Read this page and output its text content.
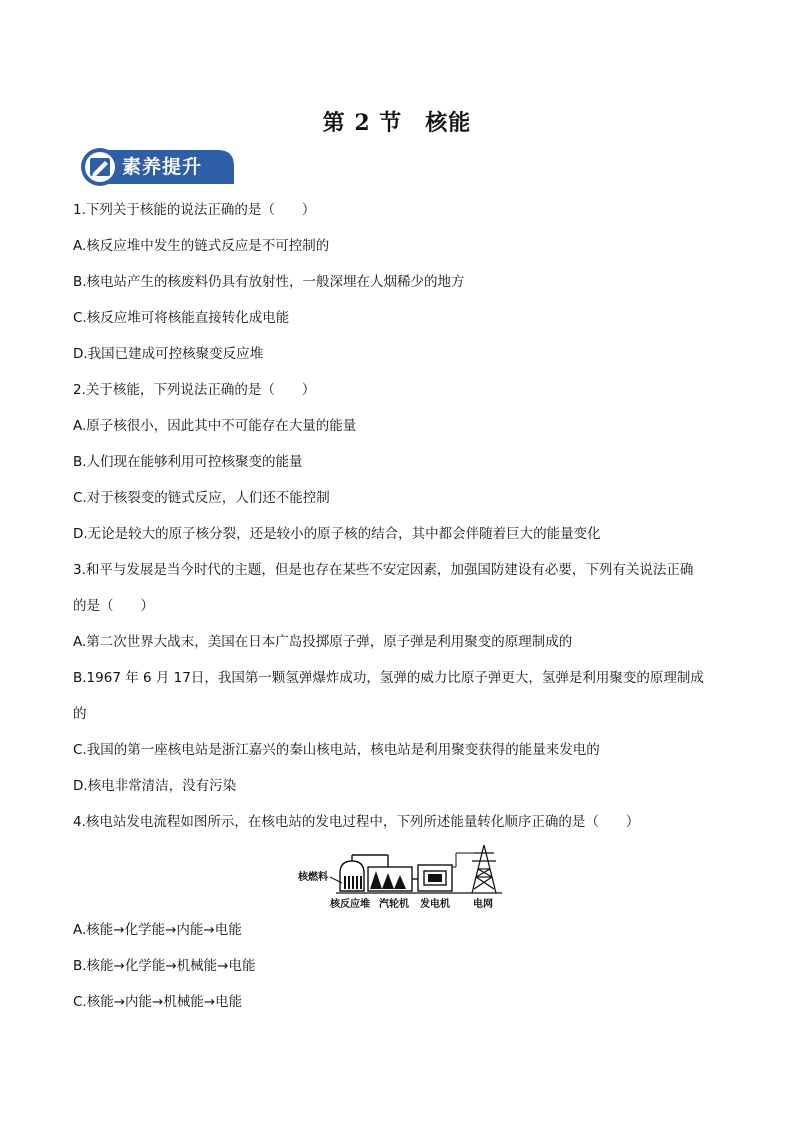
第 2 节　核能
素养提升
1.下列关于核能的说法正确的是（　　）
A.核反应堆中发生的链式反应是不可控制的
B.核电站产生的核废料仍具有放射性，一般深埋在人烟稀少的地方
C.核反应堆可将核能直接转化成电能
D.我国已建成可控核聚变反应堆
2.关于核能，下列说法正确的是（　　）
A.原子核很小，因此其中不可能存在大量的能量
B.人们现在能够利用可控核聚变的能量
C.对于核裂变的链式反应，人们还不能控制
D.无论是较大的原子核分裂，还是较小的原子核的结合，其中都会伴随着巨大的能量变化
3.和平与发展是当今时代的主题，但是也存在某些不安定因素，加强国防建设有必要，下列有关说法正确
的是（　　）
A.第二次世界大战末，美国在日本广岛投掷原子弹，原子弹是利用聚变的原理制成的
B.1967 年 6 月 17日，我国第一颗氢弹爆炸成功，氢弹的威力比原子弹更大，氢弹是利用聚变的原理制成
的
C.我国的第一座核电站是浙江嘉兴的秦山核电站，核电站是利用聚变获得的能量来发电的
D.核电非常清洁，没有污染
4.核电站发电流程如图所示，在核电站的发电过程中，下列所述能量转化顺序正确的是（　　）
核燃料
核反应堆 汽轮机 发电机 电网
A.核能→化学能→内能→电能
B.核能→化学能→机械能→电能
C.核能→内能→机械能→电能
